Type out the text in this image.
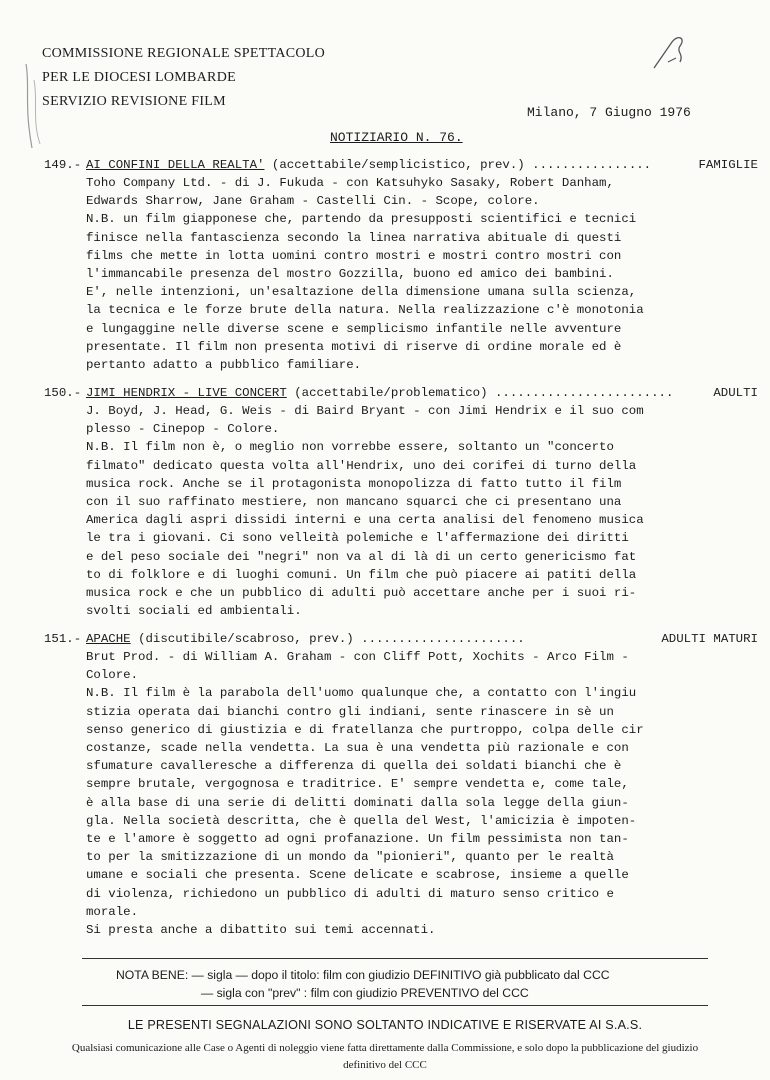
COMMISSIONE REGIONALE SPETTACOLO
PER LE DIOCESI LOMBARDE
SERVIZIO REVISIONE FILM
Milano, 7 Giugno 1976
NOTIZIARIO N. 76.
149.- AI CONFINI DELLA REALTA' (accettabile/semplicistico, prev.) ................	FAMIGLIE
Toho Company Ltd. - di J. Fukuda - con Katsuhyko Sasaky, Robert Danham,
Edwards Sharrow, Jane Graham - Castelli Cin. - Scope, colore.
N.B. un film giapponese che, partendo da presupposti scientifici e tecnici
finisce nella fantascienza secondo la linea narrativa abituale di questi
films che mette in lotta uomini contro mostri e mostri contro mostri con
l'immancabile presenza del mostro Gozzilla, buono ed amico dei bambini.
E', nelle intenzioni, un'esaltazione della dimensione umana sulla scienza,
la tecnica e le forze brute della natura. Nella realizzazione c'è monotonia
e lungaggine nelle diverse scene e semplicismo infantile nelle avventure
presentate. Il film non presenta motivi di riserve di ordine morale ed è
pertanto adatto a pubblico familiare.
150.- JIMI HENDRIX - LIVE CONCERT (accettabile/problematico) ........................	ADULTI
J. Boyd, J. Head, G. Weis - di Baird Bryant - con Jimi Hendrix e il suo com
plesso - Cinepop - Colore.
N.B. Il film non è, o meglio non vorrebbe essere, soltanto un "concerto
filmato" dedicato questa volta all'Hendrix, uno dei corifei di turno della
musica rock. Anche se il protagonista monopolizza di fatto tutto il film
con il suo raffinato mestiere, non mancano squarci che ci presentano una
America dagli aspri dissidi interni e una certa analisi del fenomeno musica
le tra i giovani. Ci sono velleità polemiche e l'affermazione dei diritti
e del peso sociale dei "negri" non va al di là di un certo genericismo fat
to di folklore e di luoghi comuni. Un film che può piacere ai patiti della
musica rock e che un pubblico di adulti può accettare anche per i suoi ri-
svolti sociali ed ambientali.
151.- APACHE (discutibile/scabroso, prev.) ......................	ADULTI MATURI
Brut Prod. - di William A. Graham - con Cliff Pott, Xochits - Arco Film -
Colore.
N.B. Il film è la parabola dell'uomo qualunque che, a contatto con l'ingiu
stizia operata dai bianchi contro gli indiani, sente rinascere in sè un
senso generico di giustizia e di fratellanza che purtroppo, colpa delle cir
costanze, scade nella vendetta. La sua è una vendetta più razionale e con
sfumature cavalleresche a differenza di quella dei soldati bianchi che è
sempre brutale, vergognosa e traditrice. E' sempre vendetta e, come tale,
è alla base di una serie di delitti dominati dalla sola legge della giun-
gla. Nella società descritta, che è quella del West, l'amicizia è impoten-
te e l'amore è soggetto ad ogni profanazione. Un film pessimista non tan-
to per la smitizzazione di un mondo da "pionieri", quanto per le realtà
umane e sociali che presenta. Scene delicate e scabrose, insieme a quelle
di violenza, richiedono un pubblico di adulti di maturo senso critico e
morale.
Si presta anche a dibattito sui temi accennati.
NOTA BENE: — sigla — dopo il titolo: film con giudizio DEFINITIVO già pubblicato dal CCC
— sigla con "prev" : film con giudizio PREVENTIVO del CCC
LE PRESENTI SEGNALAZIONI SONO SOLTANTO INDICATIVE E RISERVATE AI S.A.S.
Qualsiasi comunicazione alle Case o Agenti di noleggio viene fatta direttamente dalla Commissione, e solo dopo la pubblicazione del giudizio
definitivo del CCC
